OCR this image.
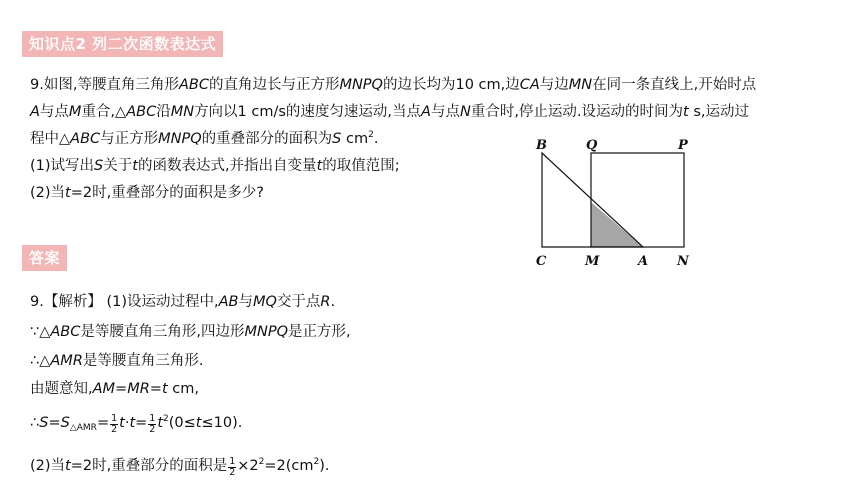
知识点2 列二次函数表达式
9.如图,等腰直角三角形ABC的直角边长与正方形MNPQ的边长均为10 cm,边CA与边MN在同一条直线上,开始时点
A与点M重合,△ABC沿MN方向以1 cm/s的速度匀速运动,当点A与点N重合时,停止运动.设运动的时间为t s,运动过
程中△ABC与正方形MNPQ的重叠部分的面积为S $cm^2$.
(1)试写出S关于t的函数表达式,并指出自变量t的取值范围;
(2)当t=2时,重叠部分的面积是多少?
B	Q	P
C	M	A N
答案
9.【解析】 (1)设运动过程中,AB与MQ交于点R.
∵△ABC是等腰直角三角形,四边形MNPQ是正方形,
∴△AMR是等腰直角三角形.
由题意知,AM=MR=t cm,
$\therefore S=S_{\triangle AMR}= \frac{1}{2} t\cdot t= \frac{1}{2} t^2(0\le t\le 10)$.
(2)当t=2时,重叠部分的面积是 $\frac{1}{2} \times 2^2=2(cm^2)$.
